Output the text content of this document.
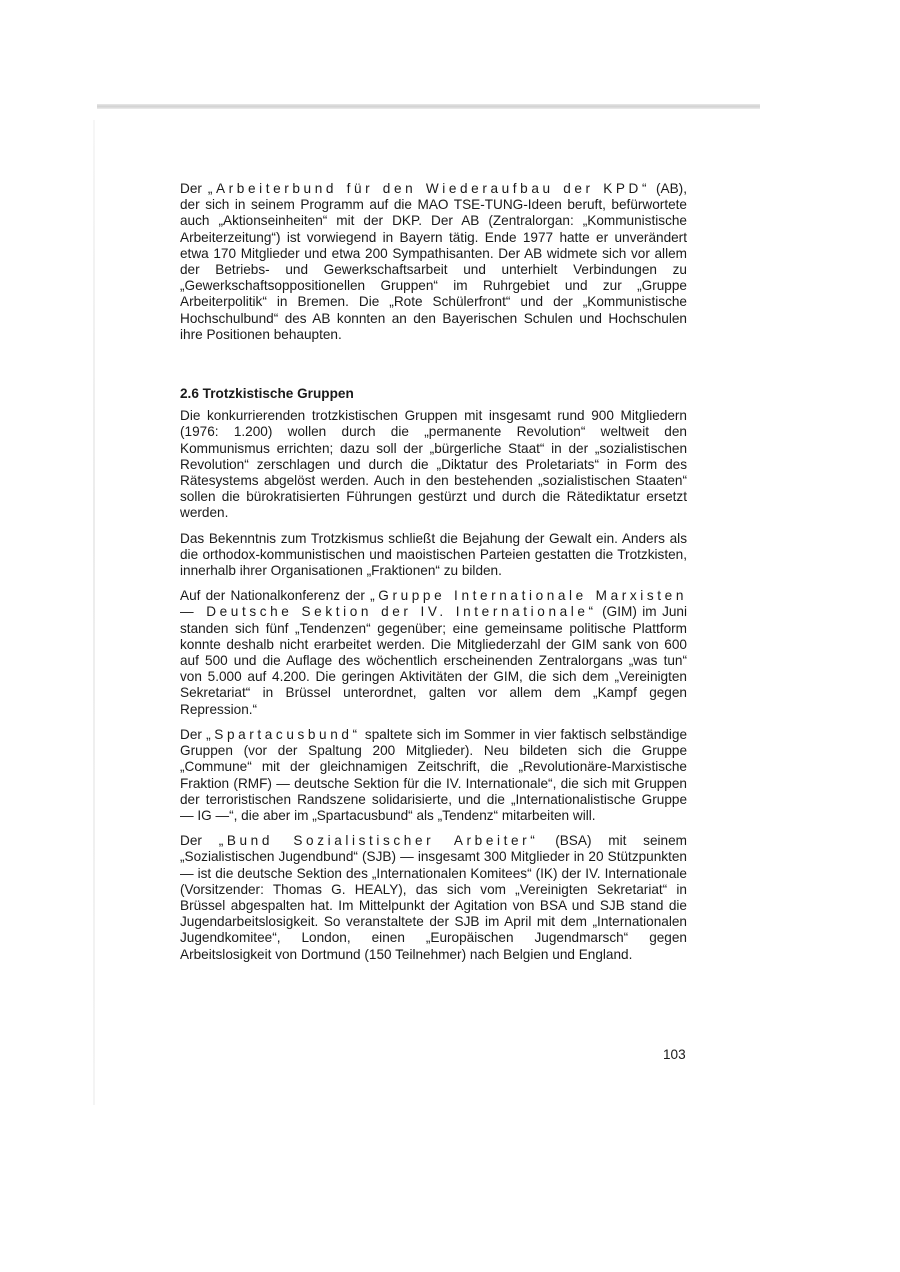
Der „Arbeiterbund für den Wiederaufbau der KPD“ (AB), der sich in seinem Programm auf die MAO TSE-TUNG-Ideen beruft, befürwortete auch „Aktionseinheiten“ mit der DKP. Der AB (Zentralorgan: „Kommunistische Arbeiterzeitung“) ist vorwiegend in Bayern tätig. Ende 1977 hatte er unverändert etwa 170 Mitglieder und etwa 200 Sympathisanten. Der AB widmete sich vor allem der Betriebs- und Gewerkschaftsarbeit und unterhielt Verbindungen zu „Gewerkschaftsoppositionellen Gruppen“ im Ruhrgebiet und zur „Gruppe Arbeiterpolitik“ in Bremen. Die „Rote Schülerfront“ und der „Kommunistische Hochschulbund“ des AB konnten an den Bayerischen Schulen und Hochschulen ihre Positionen behaupten.

2.6 Trotzkistische Gruppen

Die konkurrierenden trotzkistischen Gruppen mit insgesamt rund 900 Mitgliedern (1976: 1.200) wollen durch die „permanente Revolution“ weltweit den Kommunismus errichten; dazu soll der „bürgerliche Staat“ in der „sozialistischen Revolution“ zerschlagen und durch die „Diktatur des Proletariats“ in Form des Rätesystems abgelöst werden. Auch in den bestehenden „sozialistischen Staaten“ sollen die bürokratisierten Führungen gestürzt und durch die Rätediktatur ersetzt werden.

Das Bekenntnis zum Trotzkismus schließt die Bejahung der Gewalt ein. Anders als die orthodox-kommunistischen und maoistischen Parteien gestatten die Trotzkisten, innerhalb ihrer Organisationen „Fraktionen“ zu bilden.

Auf der Nationalkonferenz der „Gruppe Internationale Marxisten — Deutsche Sektion der IV. Internationale“ (GIM) im Juni standen sich fünf „Tendenzen“ gegenüber; eine gemeinsame politische Plattform konnte deshalb nicht erarbeitet werden. Die Mitgliederzahl der GIM sank von 600 auf 500 und die Auflage des wöchentlich erscheinenden Zentralorgans „was tun“ von 5.000 auf 4.200. Die geringen Aktivitäten der GIM, die sich dem „Vereinigten Sekretariat“ in Brüssel unterordnet, galten vor allem dem „Kampf gegen Repression.“

Der „Spartacusbund“ spaltete sich im Sommer in vier faktisch selbständige Gruppen (vor der Spaltung 200 Mitglieder). Neu bildeten sich die Gruppe „Commune“ mit der gleichnamigen Zeitschrift, die „Revolutionäre-Marxistische Fraktion (RMF) — deutsche Sektion für die IV. Internationale“, die sich mit Gruppen der terroristischen Randszene solidarisierte, und die „Internationalistische Gruppe — IG —“, die aber im „Spartacusbund“ als „Tendenz“ mitarbeiten will.

Der „Bund Sozialistischer Arbeiter“ (BSA) mit seinem „Sozialistischen Jugendbund“ (SJB) — insgesamt 300 Mitglieder in 20 Stützpunkten — ist die deutsche Sektion des „Internationalen Komitees“ (IK) der IV. Internationale (Vorsitzender: Thomas G. HEALY), das sich vom „Vereinigten Sekretariat“ in Brüssel abgespalten hat. Im Mittelpunkt der Agitation von BSA und SJB stand die Jugendarbeitslosigkeit. So veranstaltete der SJB im April mit dem „Internationalen Jugendkomitee“, London, einen „Europäischen Jugendmarsch“ gegen Arbeitslosigkeit von Dortmund (150 Teilnehmer) nach Belgien und England.

103
